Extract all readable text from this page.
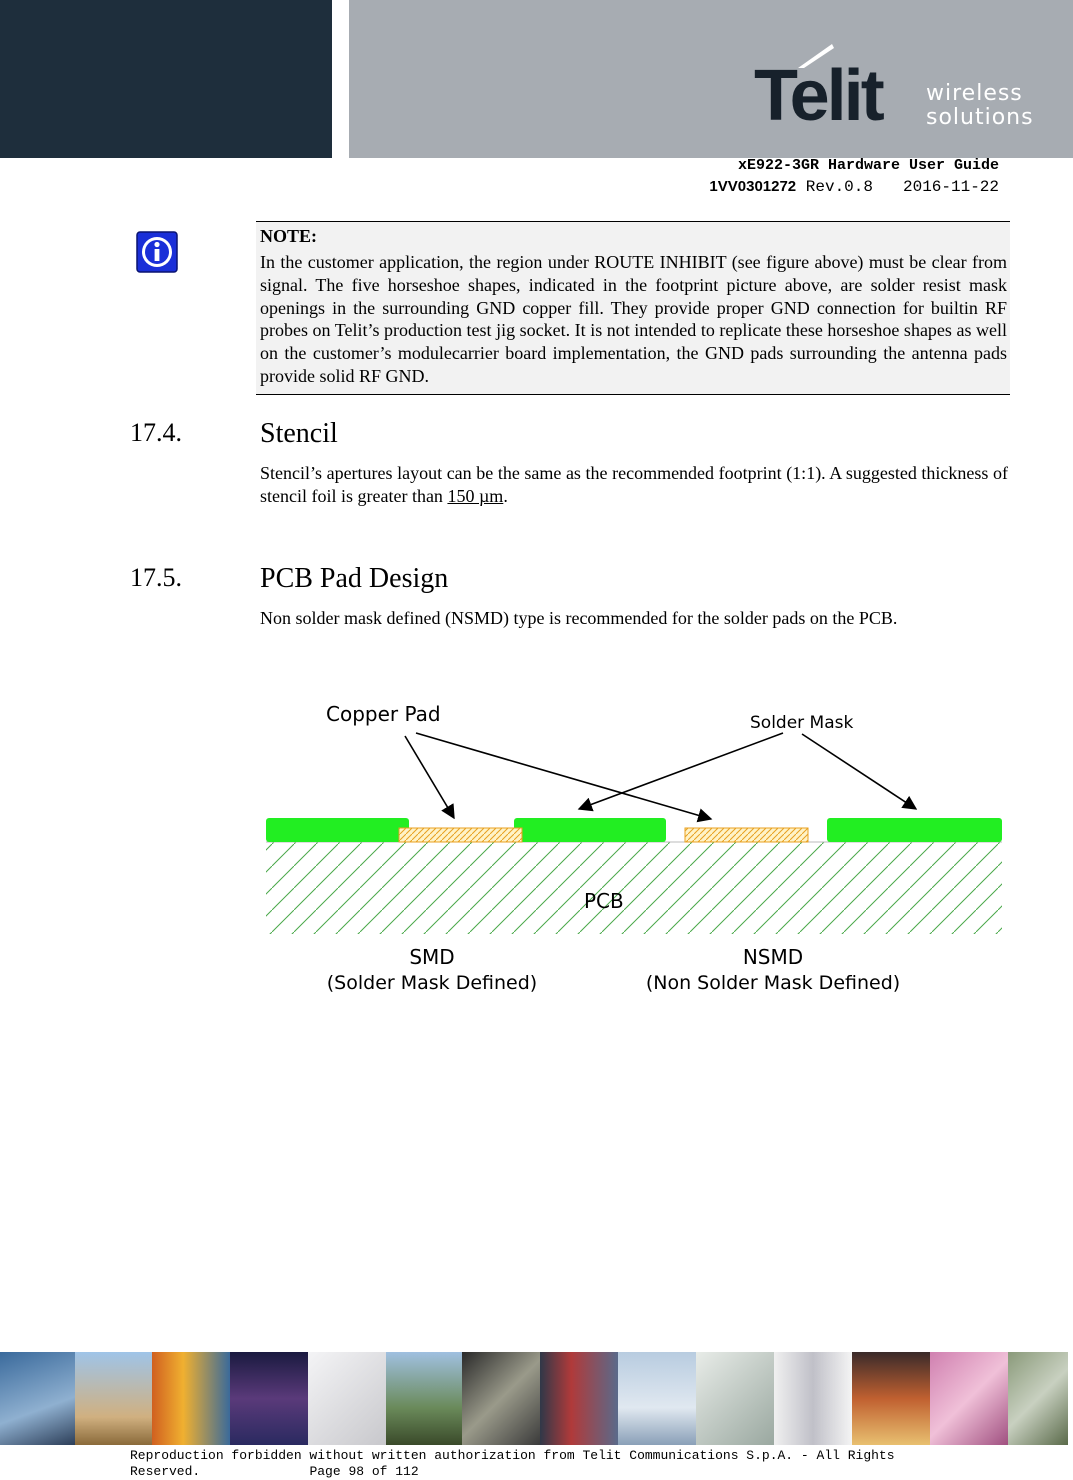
Telit wireless
solutions
xE922-3GR Hardware User Guide
1VV0301272 Rev.0.8 2016-11-22
NOTE:
In the customer application, the region under ROUTE INHIBIT (see figure above) must be clear from signal. The five horseshoe shapes, indicated in the footprint picture above, are solder resist mask openings in the surrounding GND copper fill. They provide proper GND connection for builtin RF probes on Telit’s production test jig socket. It is not intended to replicate these horseshoe shapes as well on the customer’s modulecarrier board implementation, the GND pads surrounding the antenna pads provide solid RF GND.
17.4.	Stencil
Stencil’s apertures layout can be the same as the recommended footprint (1:1). A suggested thickness of stencil foil is greater than 150 µm.
17.5.	PCB Pad Design
Non solder mask defined (NSMD) type is recommended for the solder pads on the PCB.
Copper Pad	Solder Mask
PCB
SMD
(Solder Mask Defined)
NSMD
(Non Solder Mask Defined)
Reproduction forbidden without written authorization from Telit Communications S.p.A. - All Rights
Reserved.	Page 98 of 112
